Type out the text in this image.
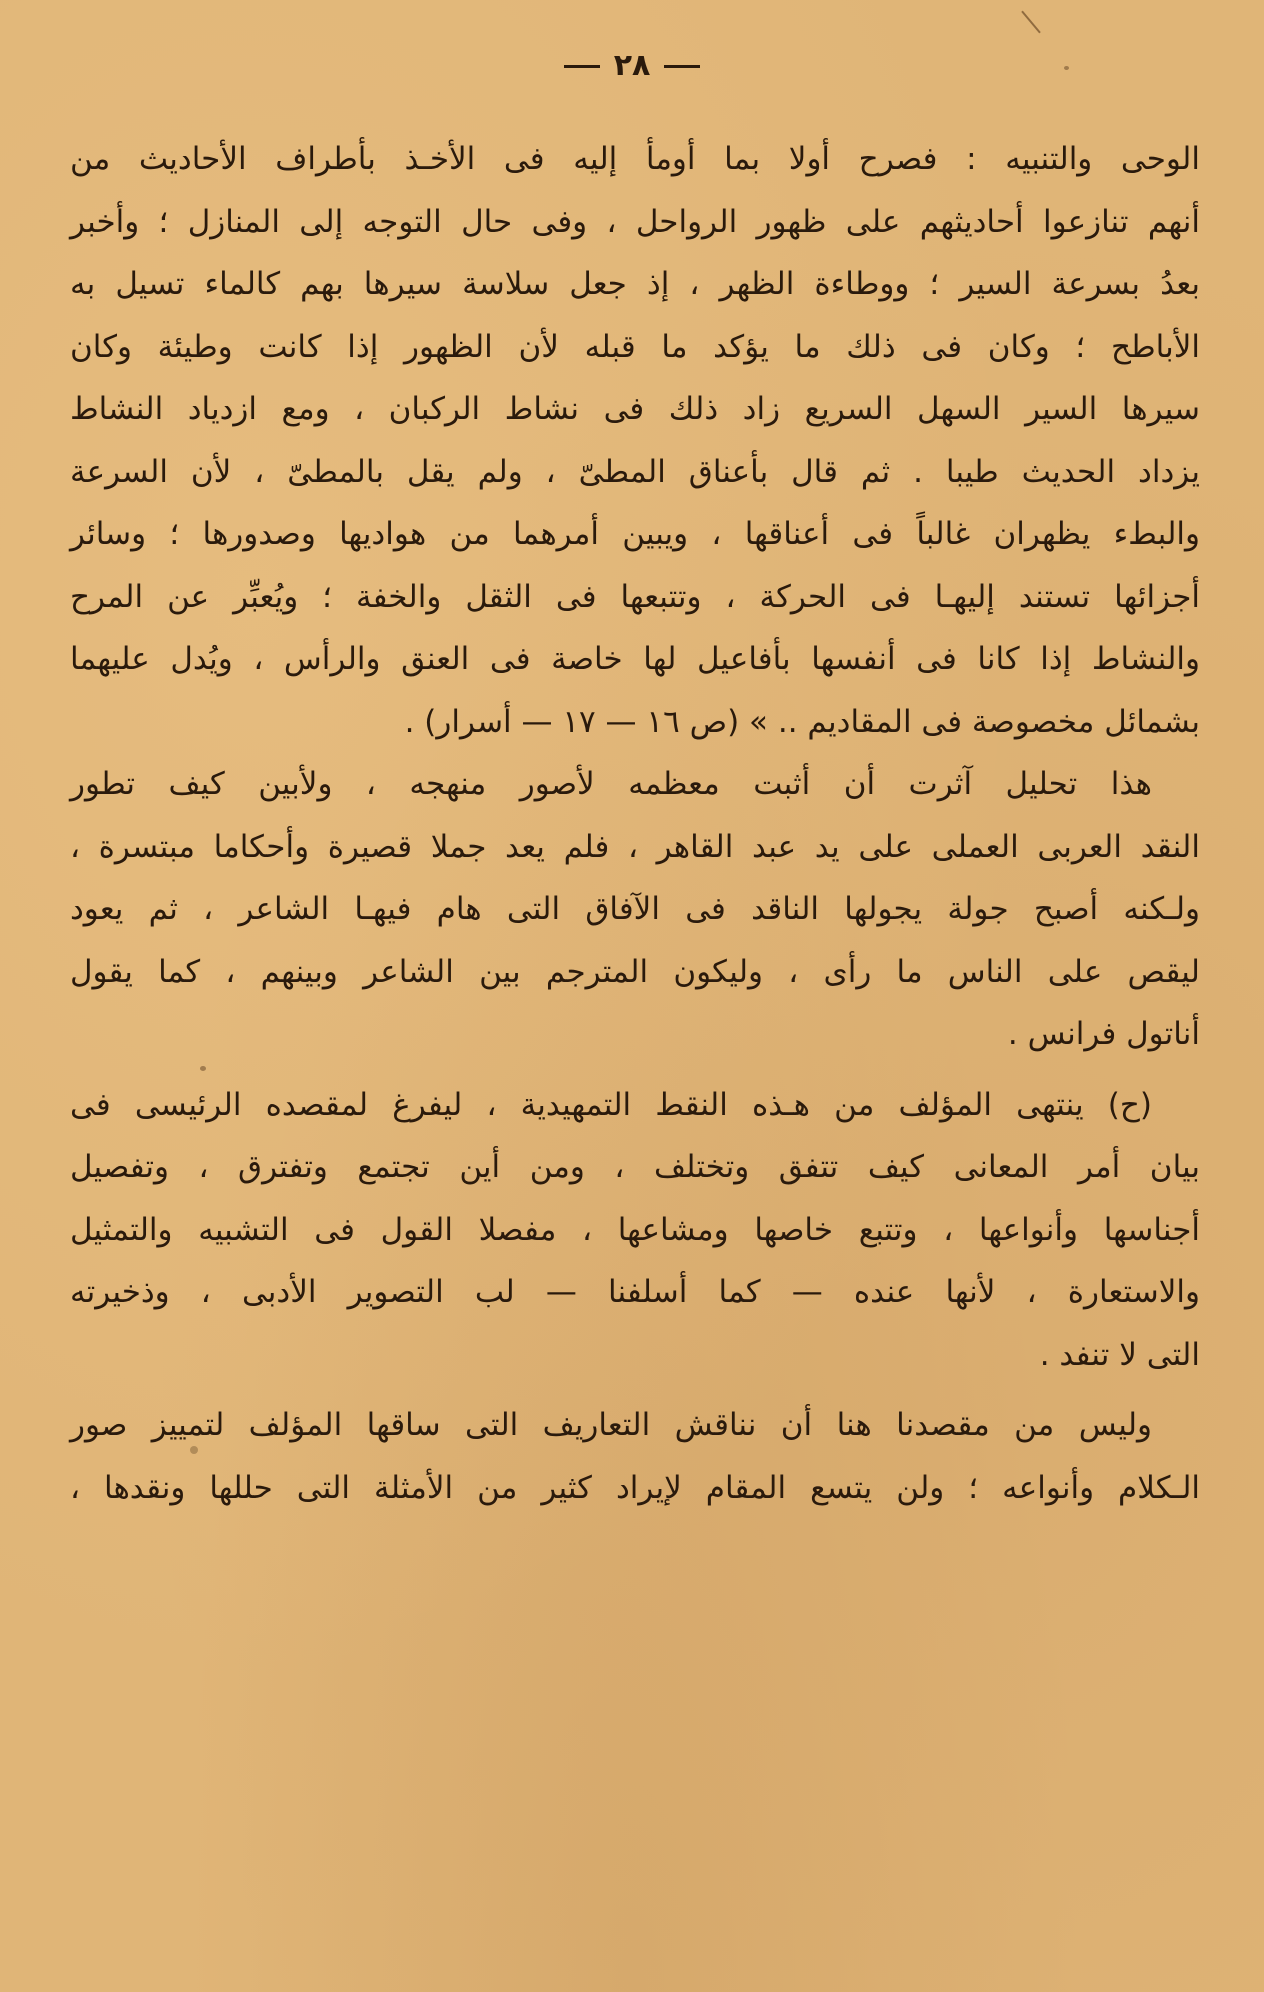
٢٨
الوحى والتنبيه : فصرح أولا بما أومأ إليه فى الأخـذ بأطراف الأحاديث من
أنهم تنازعوا أحاديثهم على ظهور الرواحل ، وفى حال التوجه إلى المنازل ؛ وأخبر
بعدُ بسرعة السير ؛ ووطاءة الظهر ، إذ جعل سلاسة سيرها بهم كالماء تسيل به
الأباطح ؛ وكان فى ذلك ما يؤكد ما قبله لأن الظهور إذا كانت وطيئة وكان
سيرها السير السهل السريع زاد ذلك فى نشاط الركبان ، ومع ازدياد النشاط
يزداد الحديث طيبا . ثم قال بأعناق المطىّ ، ولم يقل بالمطىّ ، لأن السرعة
والبطء يظهران غالباً فى أعناقها ، ويبين أمرهما من هواديها وصدورها ؛ وسائر
أجزائها تستند إليهـا فى الحركة ، وتتبعها فى الثقل والخفة ؛ ويُعبِّر عن المرح
والنشاط إذا كانا فى أنفسها بأفاعيل لها خاصة فى العنق والرأس ، ويُدل عليهما
بشمائل مخصوصة فى المقاديم .. » (ص ١٦ — ١٧ — أسرار) .
هذا تحليل آثرت أن أثبت معظمه لأصور منهجه ، ولأبين كيف تطور
النقد العربى العملى على يد عبد القاهر ، فلم يعد جملا قصيرة وأحكاما مبتسرة ،
ولـكنه أصبح جولة يجولها الناقد فى الآفاق التى هام فيهـا الشاعر ، ثم يعود
ليقص على الناس ما رأى ، وليكون المترجم بين الشاعر وبينهم ، كما يقول
أناتول فرانس .
(ح) ينتهى المؤلف من هـذه النقط التمهيدية ، ليفرغ لمقصده الرئيسى فى
بيان أمر المعانى كيف تتفق وتختلف ، ومن أين تجتمع وتفترق ، وتفصيل
أجناسها وأنواعها ، وتتبع خاصها ومشاعها ، مفصلا القول فى التشبيه والتمثيل
والاستعارة ، لأنها عنده — كما أسلفنا — لب التصوير الأدبى ، وذخيرته
التى لا تنفد .
وليس من مقصدنا هنا أن نناقش التعاريف التى ساقها المؤلف لتمييز صور
الـكلام وأنواعه ؛ ولن يتسع المقام لإيراد كثير من الأمثلة التى حللها ونقدها ،
